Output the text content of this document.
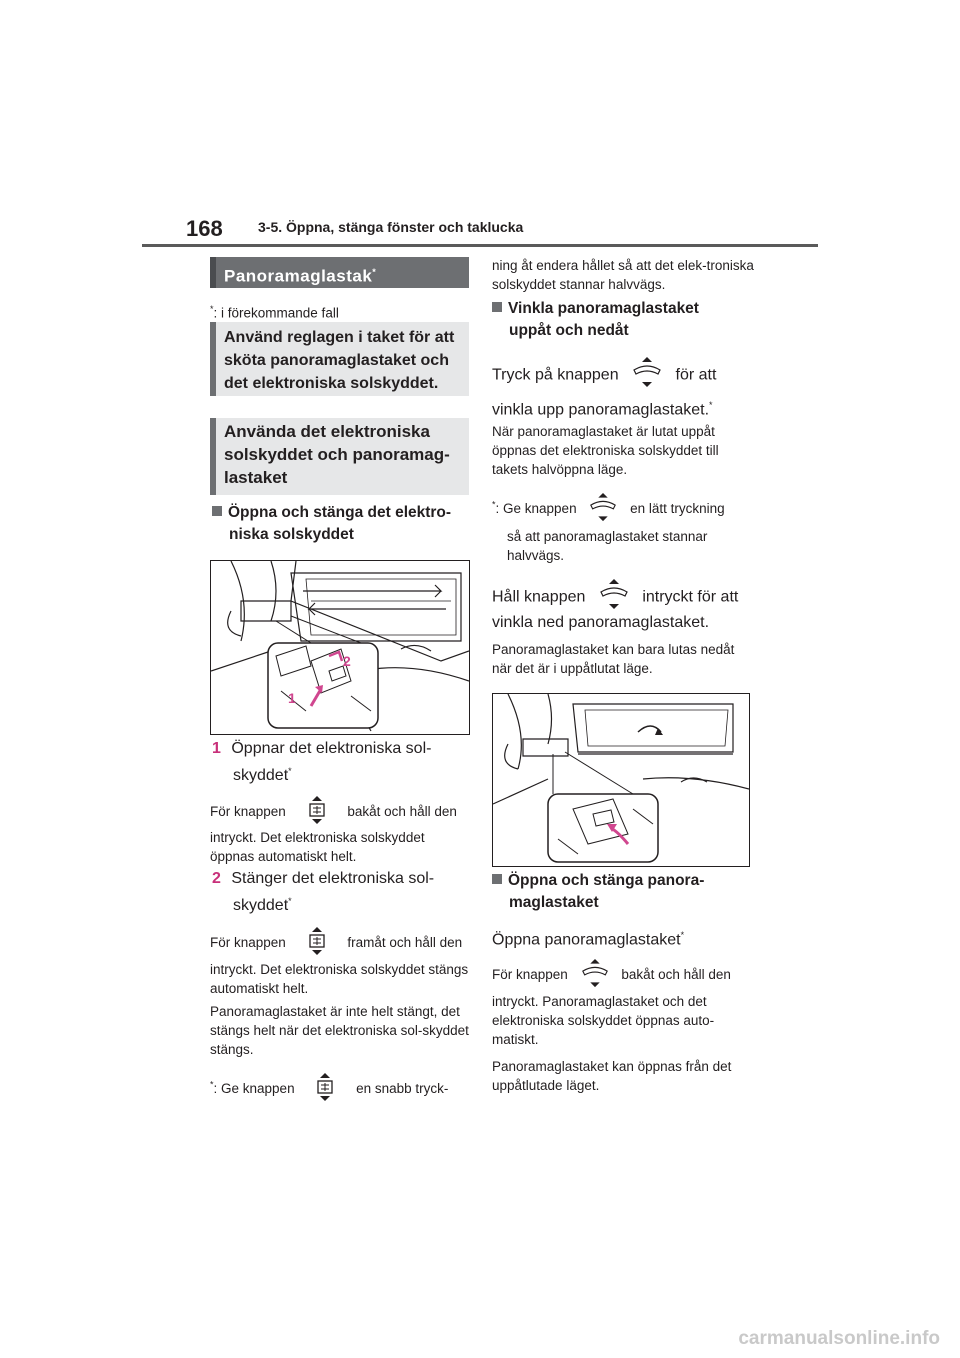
168	3-5. Öppna, stänga fönster och taklucka
Panoramaglastak*
*: i förekommande fall
Använd reglagen i taket för att sköta panoramaglastaket och det elektroniska solskyddet.
Använda det elektroniska solskyddet och panoramag-lastaket
Öppna och stänga det elektro-
niska solskyddet
2
1
1 Öppnar det elektroniska sol-
skyddet*
För knappen	bakåt och håll den
intryckt. Det elektroniska solskyddet öppnas automatiskt helt.
2 Stänger det elektroniska sol-
skyddet*
För knappen	framåt och håll den
intryckt. Det elektroniska solskyddet stängs automatiskt helt.
Panoramaglastaket är inte helt stängt, det stängs helt när det elektroniska sol-skyddet stängs.
*: Ge knappen	en snabb tryck-
ning åt endera hållet så att det elek-troniska solskyddet stannar halvvägs.
Vinkla panoramaglastaket
uppåt och nedåt
Tryck på knappen	för att
vinkla upp panoramaglastaket.*
När panoramaglastaket är lutat uppåt öppnas det elektroniska solskyddet till takets halvöppna läge.
*: Ge knappen	en lätt tryckning
så att panoramaglastaket stannar halvvägs.
Håll knappen	intryckt för att
vinkla ned panoramaglastaket.
Panoramaglastaket kan bara lutas nedåt när det är i uppåtlutat läge.
Öppna och stänga panora-
maglastaket
Öppna panoramaglastaket*
För knappen	bakåt och håll den
intryckt. Panoramaglastaket och det elektroniska solskyddet öppnas auto-matiskt.
Panoramaglastaket kan öppnas från det uppåtlutade läget.
carmanualsonline.info
